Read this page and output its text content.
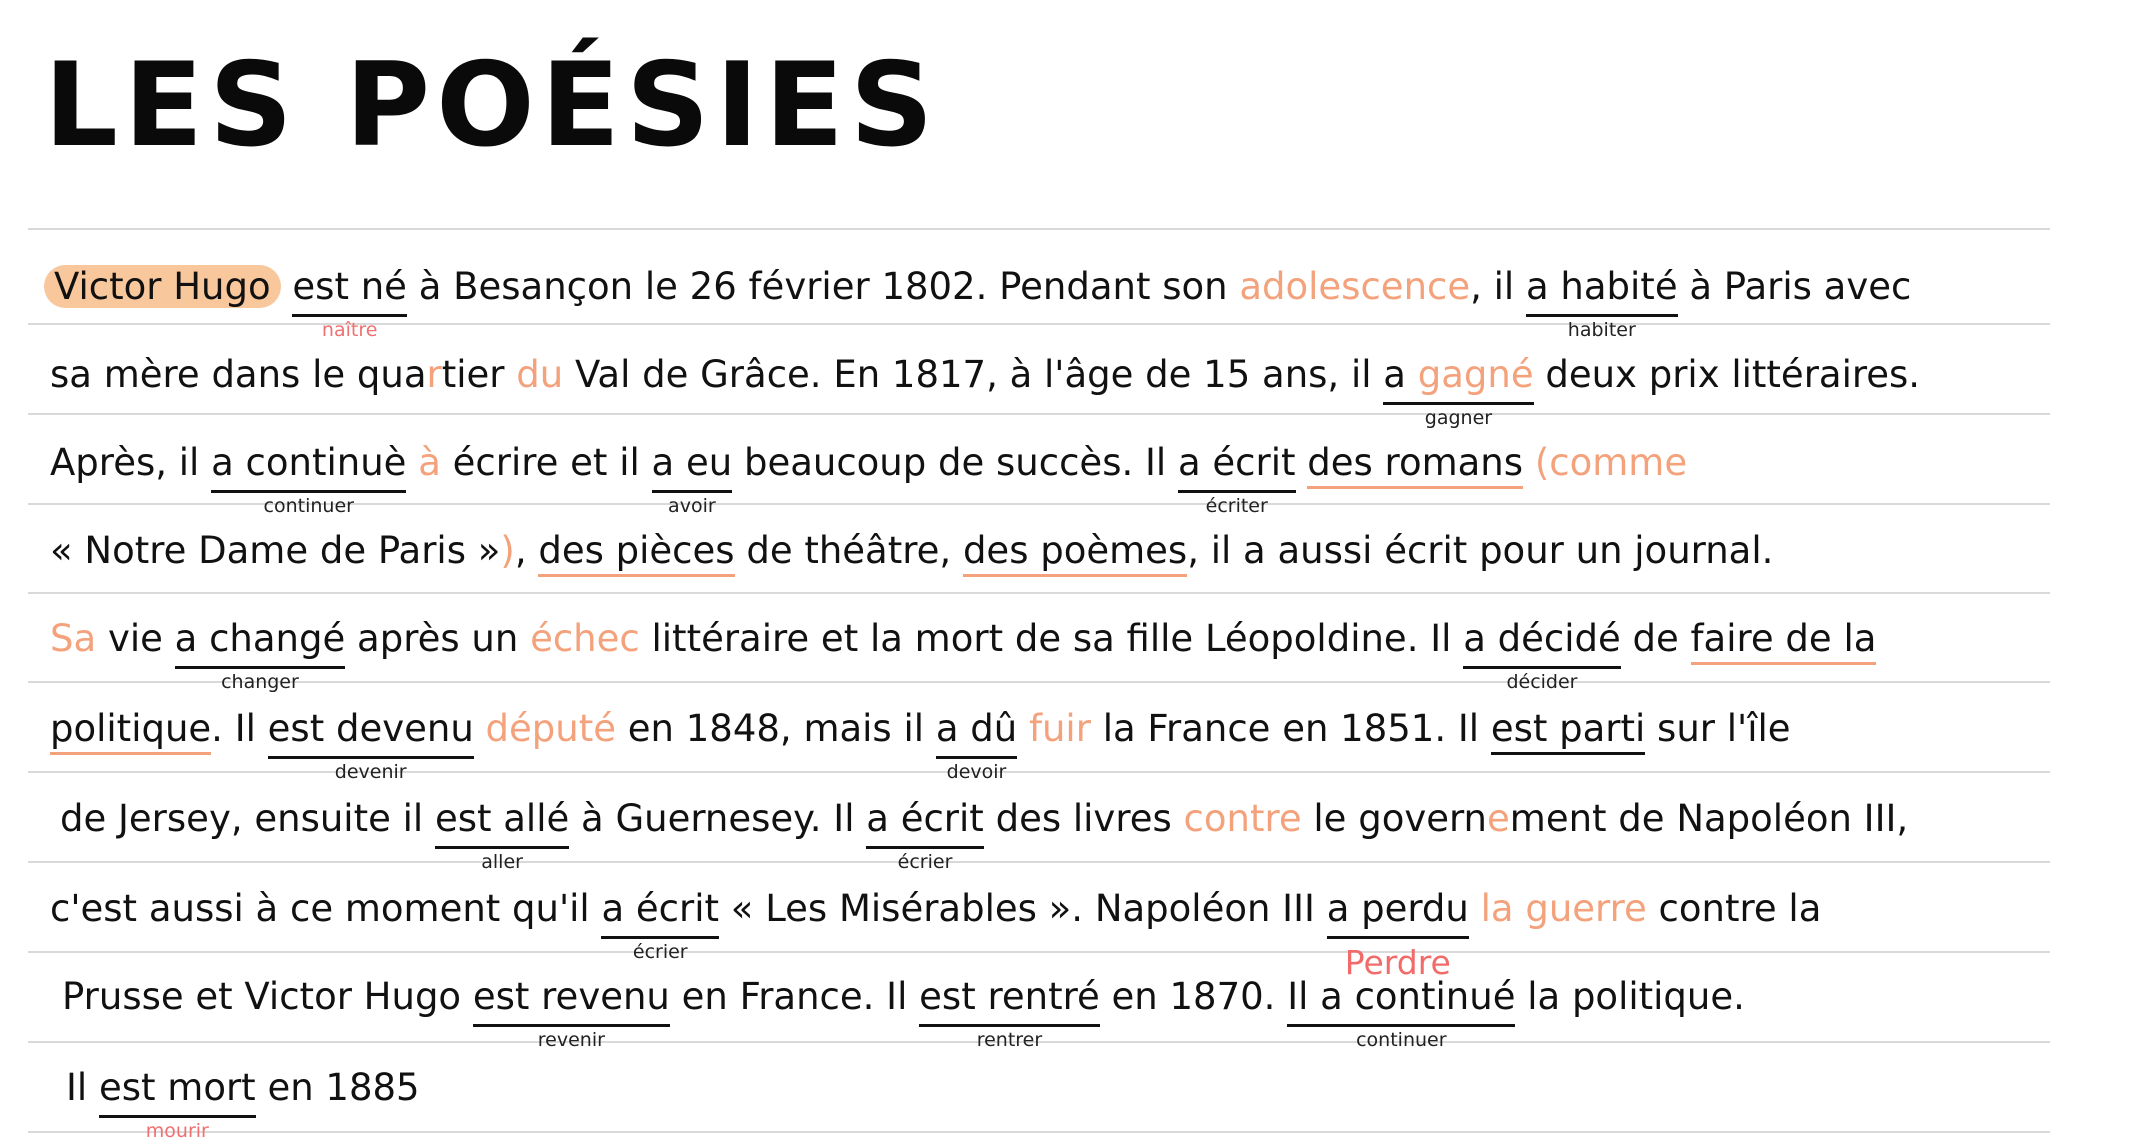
LES POÉSIES
Victor Hugo est né
naître
à Besançon le 26 février 1802. Pendant son adolescence, il a habité
habiter
à Paris avec
sa mère dans le quartier du Val de Grâce. En 1817, à l'âge de 15 ans, il a gagné
gagner
deux prix littéraires.
Après, il a continuè
continuer
à écrire et il a eu
avoir
beaucoup de succès. Il a écrit
écriter
des romans (comme
« Notre Dame de Paris »), des pièces de théâtre, des poèmes, il a aussi écrit pour un journal.
Sa vie a changé
changer
après un échec littéraire et la mort de sa fille Léopoldine. Il a décidé
décider
de faire de la
politique. Il est devenu
devenir
député en 1848, mais il a dû
devoir
fuir la France en 1851. Il est parti sur l'île
de Jersey, ensuite il est allé
aller
à Guernesey. Il a écrit
écrier
des livres contre le governement de Napoléon III,
c'est aussi à ce moment qu'il a écrit
écrier
« Les Misérables ». Napoléon III a perdu
Perdre
la guerre contre la
Prusse et Victor Hugo est revenu
revenir
en France. Il est rentré
rentrer
en 1870. Il a continué
continuer
la politique.
Il est mort
mourir
en 1885
